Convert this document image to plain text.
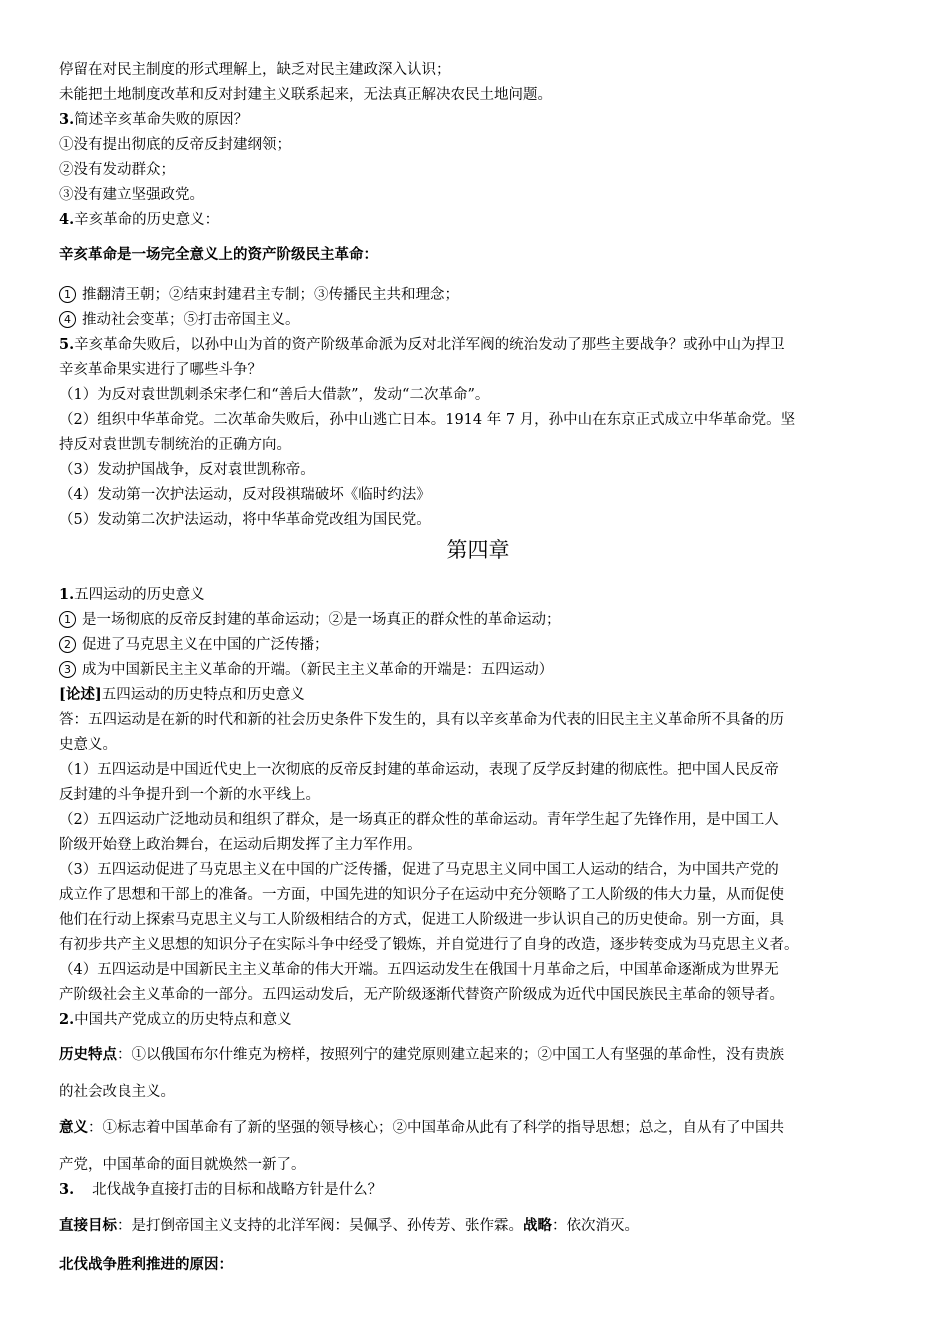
停留在对民主制度的形式理解上，缺乏对民主建政深入认识；
未能把土地制度改革和反对封建主义联系起来，无法真正解决农民土地问题。
3.简述辛亥革命失败的原因？
①没有提出彻底的反帝反封建纲领；
②没有发动群众；
③没有建立坚强政党。
4.辛亥革命的历史意义：
辛亥革命是一场完全意义上的资产阶级民主革命：
1 推翻清王朝；②结束封建君主专制；③传播民主共和理念；
4 推动社会变革；⑤打击帝国主义。
5.辛亥革命失败后，以孙中山为首的资产阶级革命派为反对北洋军阀的统治发动了那些主要战争？或孙中山为捍卫
辛亥革命果实进行了哪些斗争？
（1）为反对袁世凯刺杀宋孝仁和“善后大借款”，发动“二次革命”。
（2）组织中华革命党。二次革命失败后，孙中山逃亡日本。1914 年 7 月，孙中山在东京正式成立中华革命党。坚
持反对袁世凯专制统治的正确方向。
（3）发动护国战争，反对袁世凯称帝。
（4）发动第一次护法运动，反对段祺瑞破坏《临时约法》
（5）发动第二次护法运动，将中华革命党改组为国民党。
第四章
1.五四运动的历史意义
1 是一场彻底的反帝反封建的革命运动；②是一场真正的群众性的革命运动；
2 促进了马克思主义在中国的广泛传播；
3 成为中国新民主主义革命的开端。（新民主主义革命的开端是：五四运动）
[论述]五四运动的历史特点和历史意义
答：五四运动是在新的时代和新的社会历史条件下发生的，具有以辛亥革命为代表的旧民主主义革命所不具备的历
史意义。
（1）五四运动是中国近代史上一次彻底的反帝反封建的革命运动，表现了反学反封建的彻底性。把中国人民反帝
反封建的斗争提升到一个新的水平线上。
（2）五四运动广泛地动员和组织了群众，是一场真正的群众性的革命运动。青年学生起了先锋作用，是中国工人
阶级开始登上政治舞台，在运动后期发挥了主力军作用。
（3）五四运动促进了马克思主义在中国的广泛传播，促进了马克思主义同中国工人运动的结合，为中国共产党的
成立作了思想和干部上的准备。一方面，中国先进的知识分子在运动中充分领略了工人阶级的伟大力量，从而促使
他们在行动上探索马克思主义与工人阶级相结合的方式，促进工人阶级进一步认识自己的历史使命。别一方面，具
有初步共产主义思想的知识分子在实际斗争中经受了锻炼，并自觉进行了自身的改造，逐步转变成为马克思主义者。
（4）五四运动是中国新民主主义革命的伟大开端。五四运动发生在俄国十月革命之后，中国革命逐渐成为世界无
产阶级社会主义革命的一部分。五四运动发后，无产阶级逐渐代替资产阶级成为近代中国民族民主革命的领导者。
2.中国共产党成立的历史特点和意义
历史特点：①以俄国布尔什维克为榜样，按照列宁的建党原则建立起来的；②中国工人有坚强的革命性，没有贵族
的社会改良主义。
意义：①标志着中国革命有了新的坚强的领导核心；②中国革命从此有了科学的指导思想；总之，自从有了中国共
产党，中国革命的面目就焕然一新了。
3. 北伐战争直接打击的目标和战略方针是什么？
直接目标：是打倒帝国主义支持的北洋军阀：吴佩孚、孙传芳、张作霖。战略：依次消灭。
北伐战争胜利推进的原因：
